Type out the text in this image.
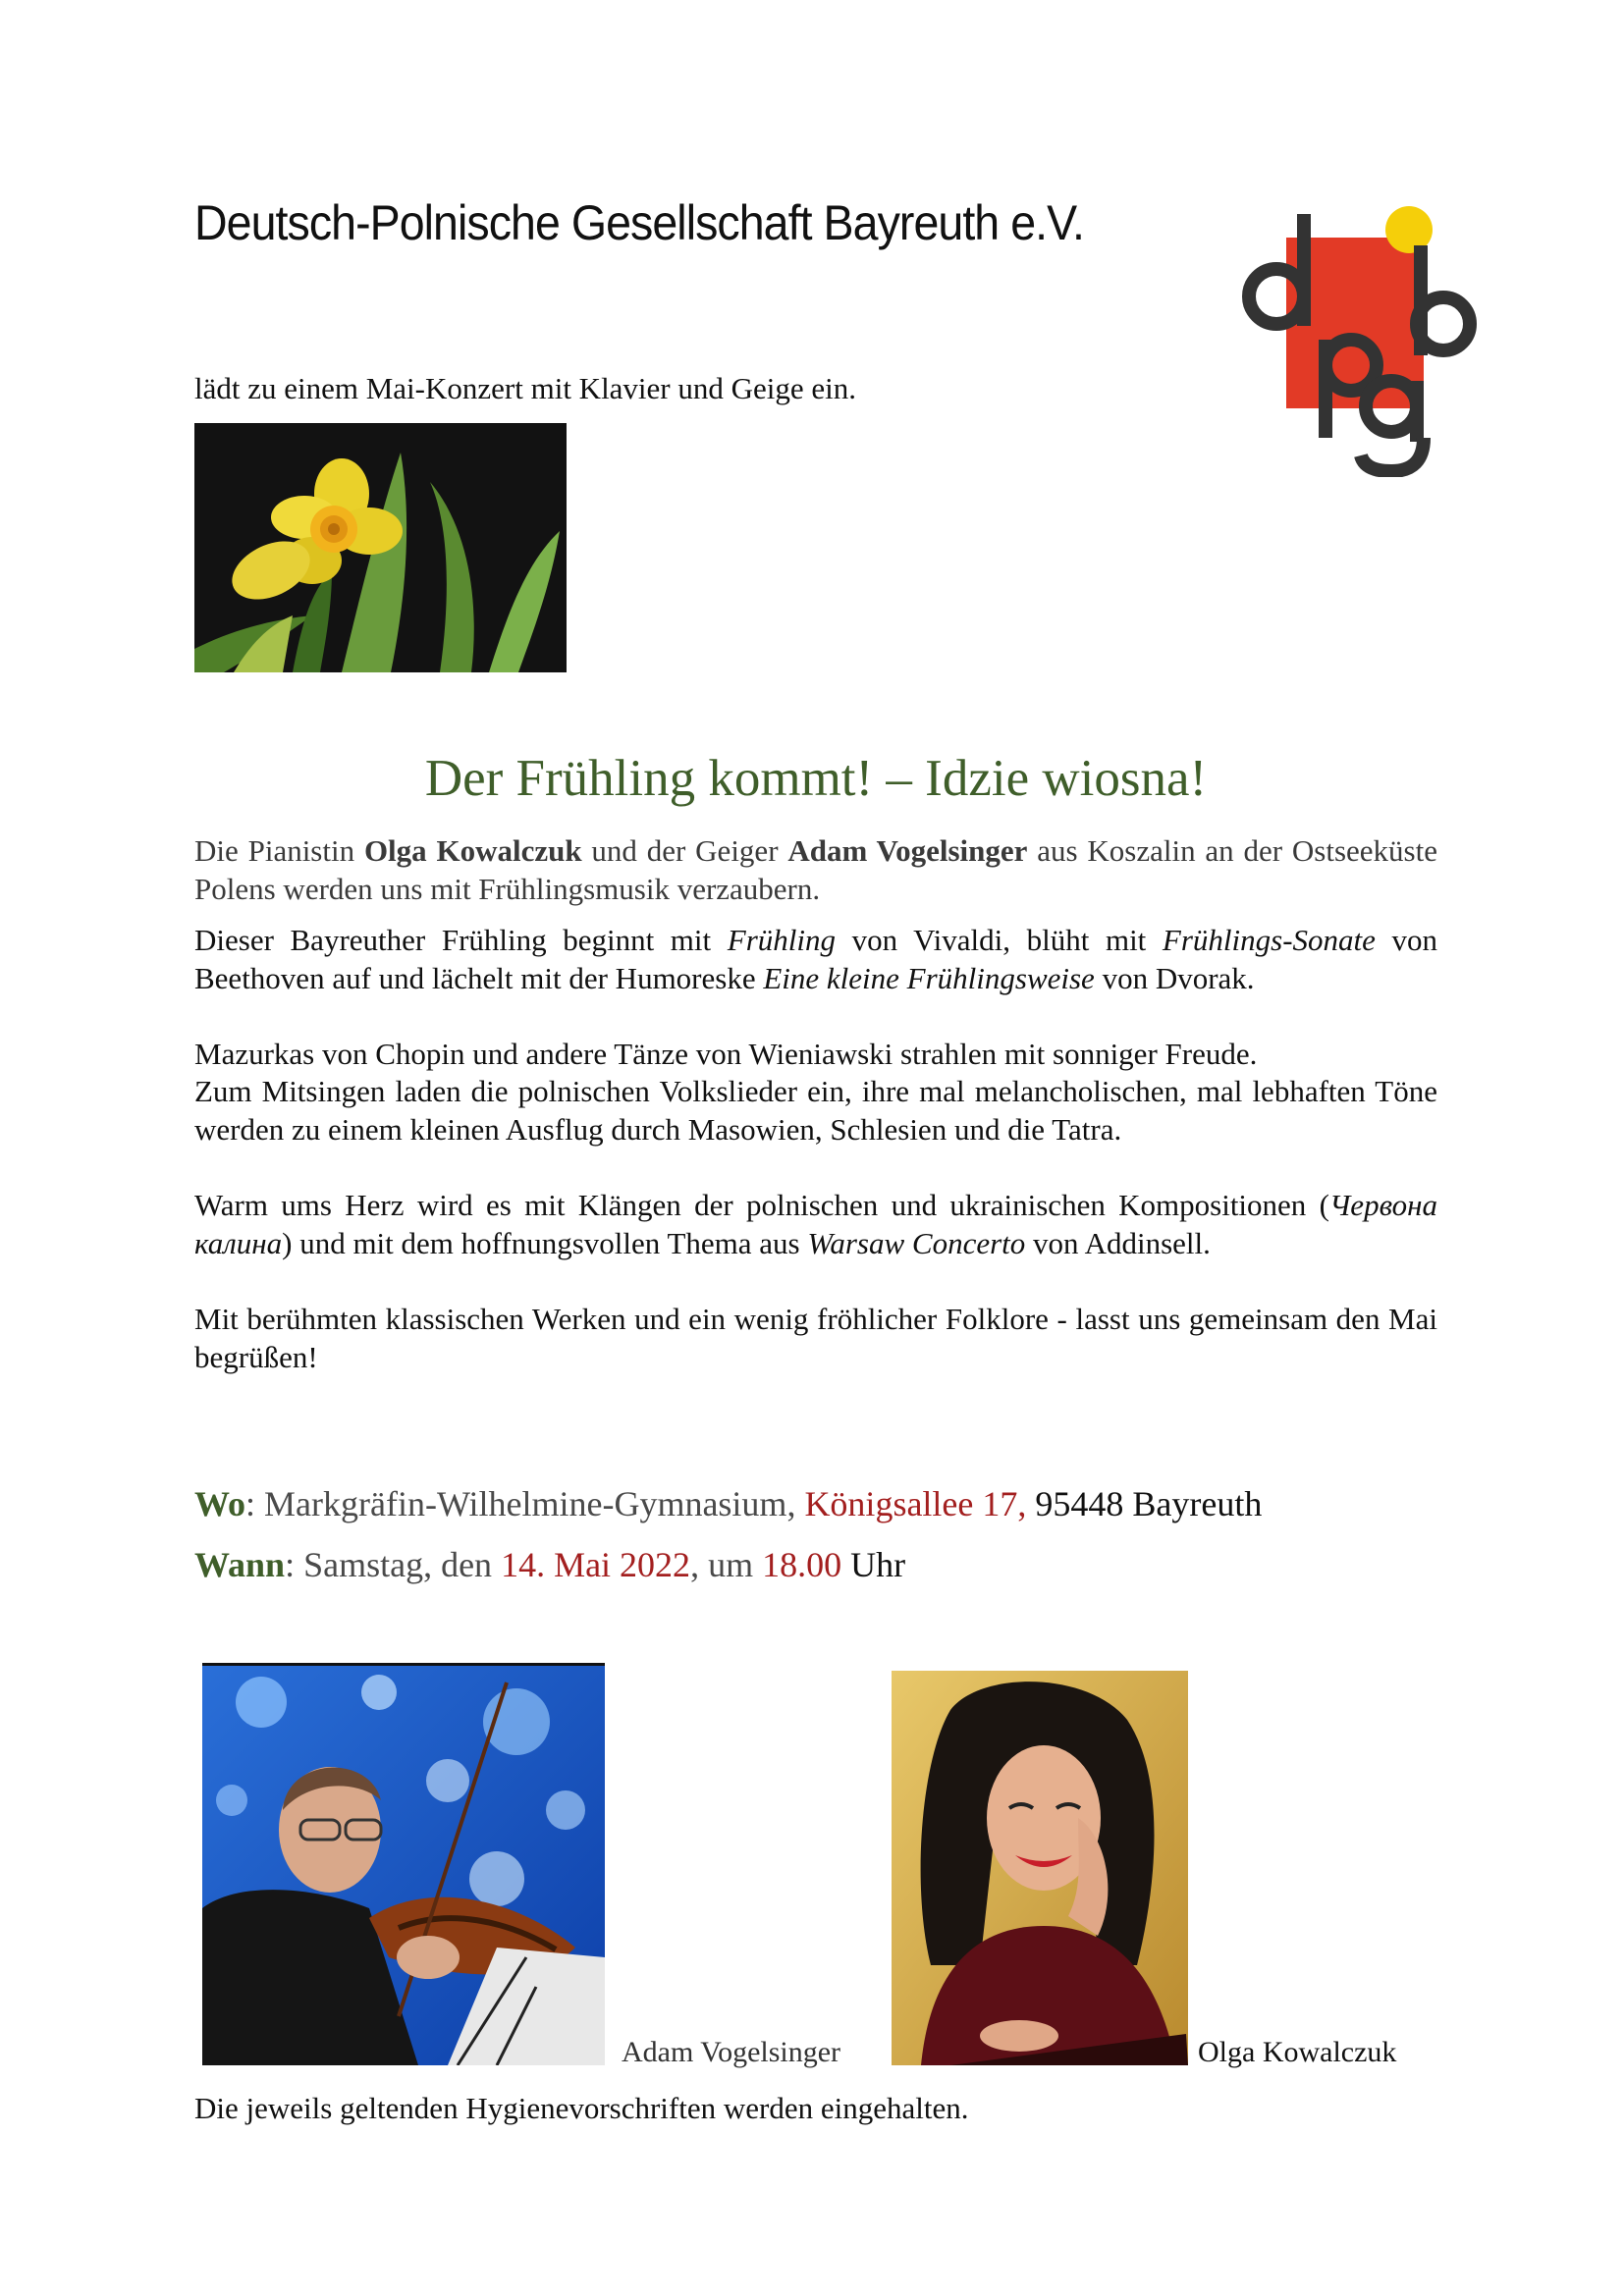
Deutsch-Polnische Gesellschaft Bayreuth e.V.
lädt zu einem Mai-Konzert mit Klavier und Geige ein.
Der Frühling kommt! – Idzie wiosna!
Die Pianistin Olga Kowalczuk und der Geiger Adam Vogelsinger aus Koszalin an der Ostseeküste Polens werden uns mit Frühlingsmusik verzaubern.
Dieser Bayreuther Frühling beginnt mit Frühling von Vivaldi, blüht mit Frühlings-Sonate von Beethoven auf und lächelt mit der Humoreske Eine kleine Frühlingsweise von Dvorak.
Mazurkas von Chopin und andere Tänze von Wieniawski strahlen mit sonniger Freude.
Zum Mitsingen laden die polnischen Volkslieder ein, ihre mal melancholischen, mal lebhaften Töne werden zu einem kleinen Ausflug durch Masowien, Schlesien und die Tatra.
Warm ums Herz wird es mit Klängen der polnischen und ukrainischen Kompositionen (Червона калина) und mit dem hoffnungsvollen Thema aus Warsaw Concerto von Addinsell.
Mit berühmten klassischen Werken und ein wenig fröhlicher Folklore - lasst uns gemeinsam den Mai begrüßen!
Wo: Markgräfin-Wilhelmine-Gymnasium, Königsallee 17, 95448 Bayreuth
Wann: Samstag, den 14. Mai 2022, um 18.00 Uhr
Adam Vogelsinger	Olga Kowalczuk
Die jeweils geltenden Hygienevorschriften werden eingehalten.
